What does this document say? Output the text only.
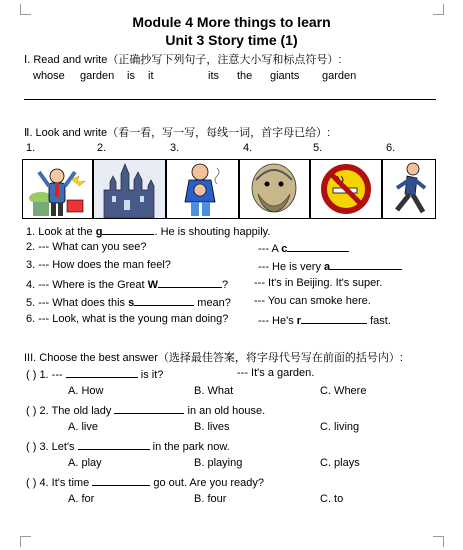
Module 4 More things to learn
Unit 3 Story time (1)
Ⅰ. Read and write（正确抄写下列句子，注意大小写和标点符号）:
whose garden is it	its the giants garden
Ⅱ. Look and write（看一看，写一写，每线一词，首字母已给）:
1.	2.	3.	4.	5.	6.
1. Look at the g	. He is shouting happily.
2. --- What can you see?	--- A c
3. --- How does the man feel?	--- He is very a
4. --- Where is the Great W	? --- It's in Beijing. It's super.
5. --- What does this s	mean? --- You can smoke here.
6. --- Look, what is the young man doing?	--- He's r	fast.
III. Choose the best answer（选择最佳答案，将字母代号写在前面的括号内）:
( ) 1. ---	is it?	--- It's a garden.
A. How	B. What	C. Where
( ) 2. The old lady	in an old house.
A. live	B. lives	C. living
( ) 3. Let's	in the park now.
A. play	B. playing	C. plays
( ) 4. It's time	go out. Are you ready?
A. for	B. four	C. to
